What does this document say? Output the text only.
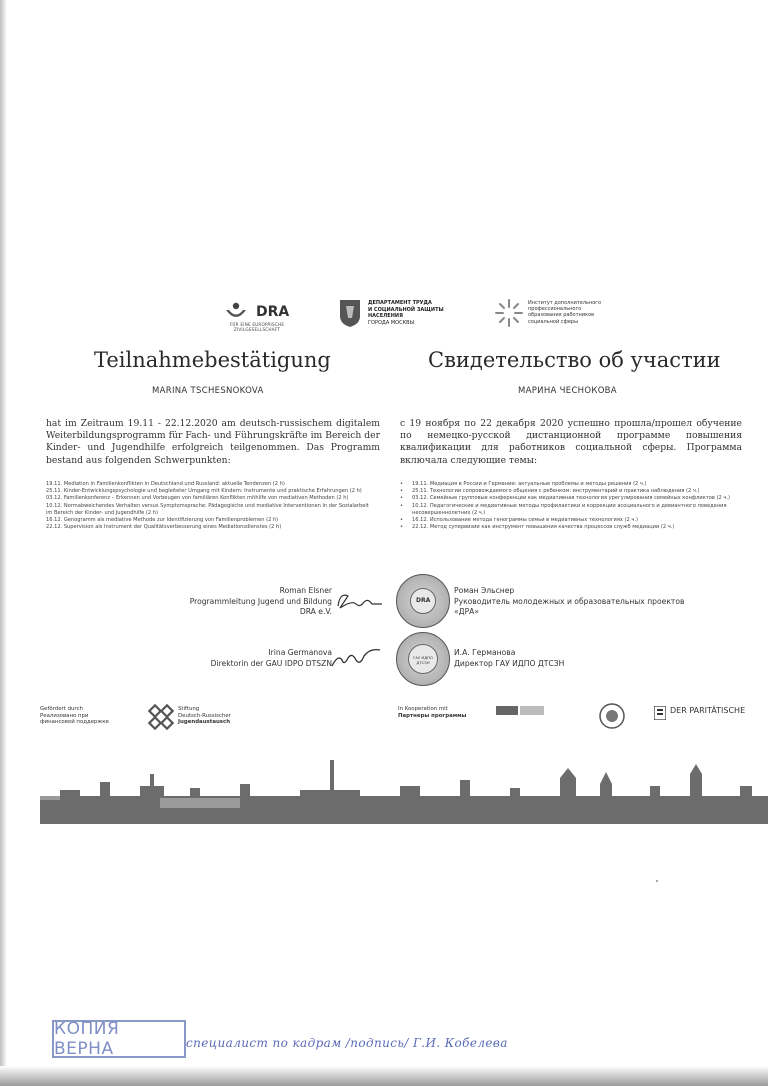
DRA
FÜR EINE EUROPÄISCHE ZIVILGESELLSCHAFT
ДЕПАРТАМЕНТ ТРУДА
И СОЦИАЛЬНОЙ ЗАЩИТЫ
НАСЕЛЕНИЯ
ГОРОДА МОСКВЫ
Институт дополнительного
профессионального
образования работников
социальной сферы
Teilnahmebestätigung	Свидетельство об участии
MARINA TSCHESNOKOVA	МАРИНА ЧЕСНОКОВА

hat im Zeitraum 19.11 - 22.12.2020 am deutsch-russischem digitalem Weiterbildungsprogramm für Fach- und Führungskräfte im Bereich der Kinder- und Jugendhilfe erfolgreich teilgenommen. Das Programm bestand aus folgenden Schwerpunkten:

с 19 ноября по 22 декабря 2020 успешно прошла/прошел обучение по немецко-русской дистанционной программе повышения квалификации для работников социальной сферы. Программа включала следующие темы:

19.11. Mediation in Familienkonflikten in Deutschland und Russland: aktuelle Tendenzen (2 h)
25.11. Kinder-Entwicklungspsychologie und begleiteter Umgang mit Kindern: Instrumente und praktische Erfahrungen (2 h)
03.12. Familienkonferenz – Erkennen und Vorbeugen von familiären Konflikten mithilfe von mediativen Methoden (2 h)
10.12. Normabweichendes Verhalten versus Symptomsprache: Pädagogische und mediative Interventionen in der Sozialarbeit im Bereich der Kinder- und Jugendhilfe (2 h)
16.12. Genogramm als mediative Methode zur Identifizierung von Familienproblemen (2 h)
22.12. Supervision als Instrument der Qualitätsverbesserung eines Mediationsdienstes (2 h)
• 19.11. Медиация в России и Германии: актуальные проблемы и методы решения (2 ч.)
• 25.11. Технологии сопровождаемого общения с ребенком: инструментарий и практика наблюдения (2 ч.)
• 03.12. Семейные групповые конференции как медиативная технология урегулирования семейных конфликтов (2 ч.)
• 10.12. Педагогические и медиативные методы профилактики и коррекции асоциального и девиантного поведения несовершеннолетних (2 ч.)
• 16.12. Использование метода генограммы семьи в медиативных технологиях (2 ч.)
• 22.12. Метод супервизии как инструмент повышения качества процессов служб медиации (2 ч.)
Roman Elsner
Programmleitung Jugend und Bildung
DRA e.V.
DRA
Роман Эльснер
Руководитель молодежных и образовательных проектов
«ДРА»
Irina Germanova
Direktorin der GAU IDPO DTSZN
ГАУ ИДПО ДТСЗН
И.А. Германова
Директор ГАУ ИДПО ДТСЗН
Gefördert durch
Реализовано при
финансовой поддержке
Stiftung
Deutsch-Russischer
Jugendaustausch
In Kooperation mit
Партнеры программы
DER PARITÄTISCHE
КОПИЯ ВЕРНА	специалист по кадрам /подпись/ Г.И. Кобелева
